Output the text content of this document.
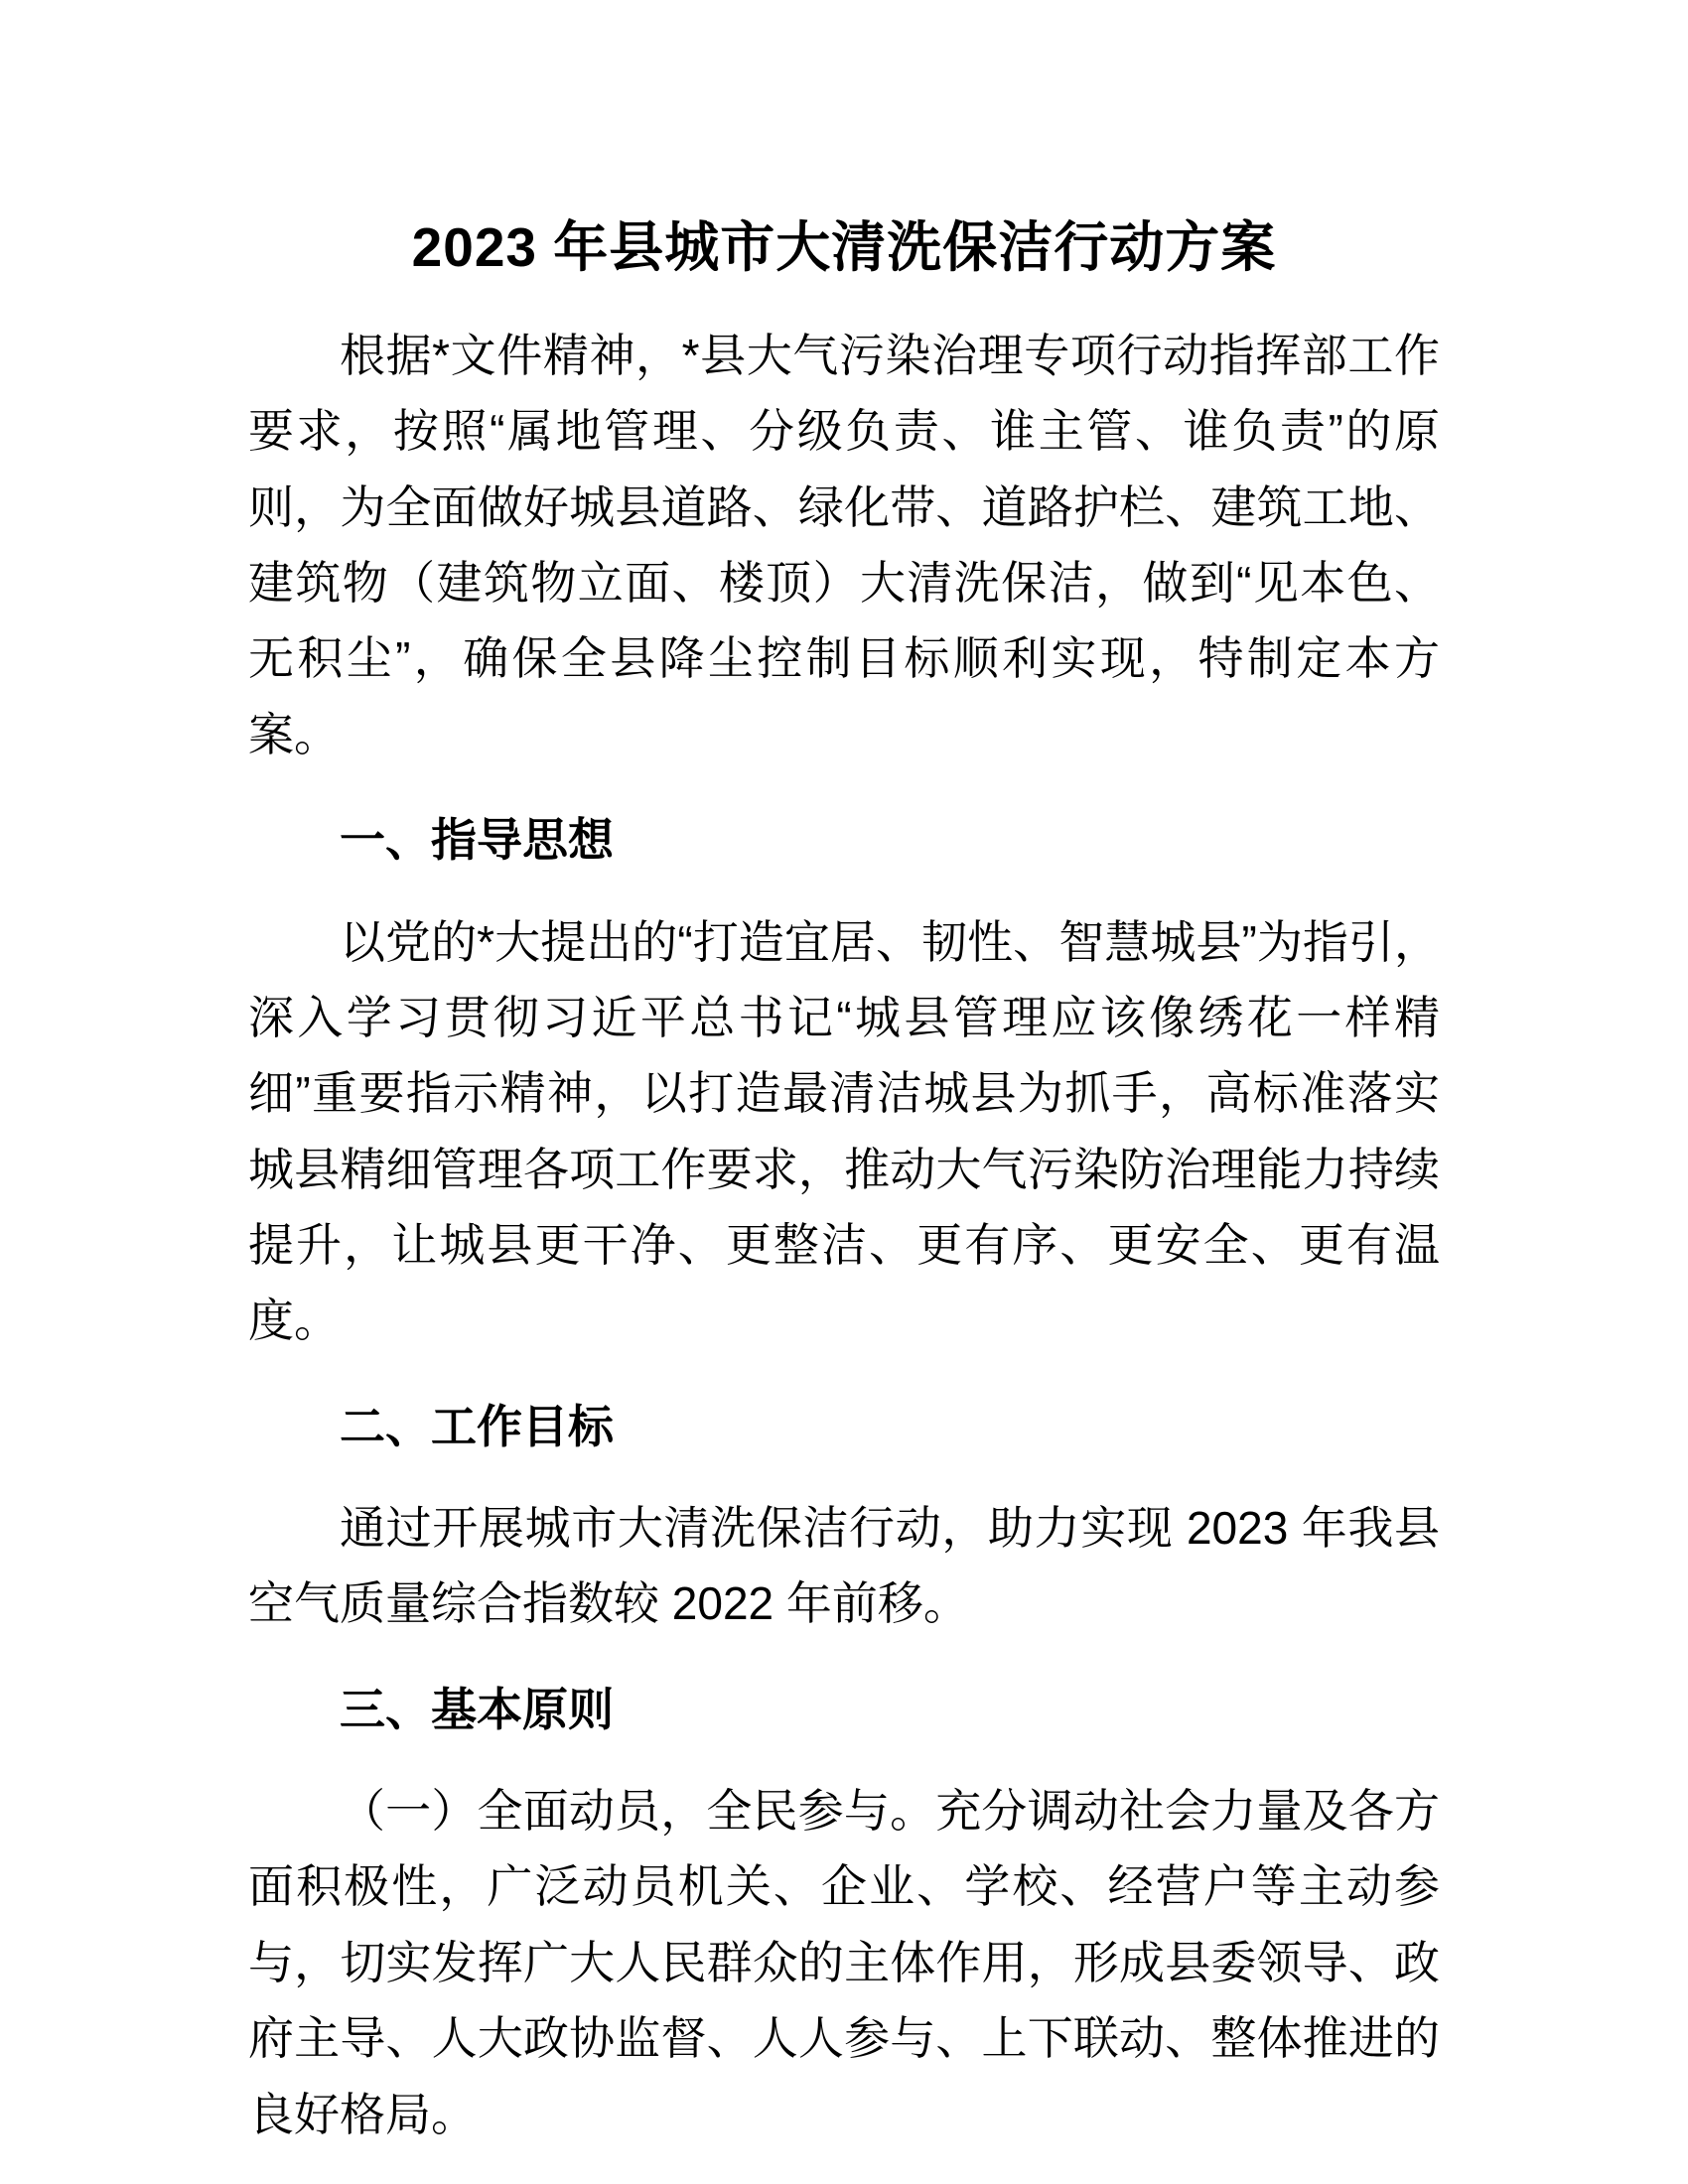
2023 年县城市大清洗保洁行动方案

根据*文件精神，*县大气污染治理专项行动指挥部工作要求，按照“属地管理、分级负责、谁主管、谁负责”的原则，为全面做好城县道路、绿化带、道路护栏、建筑工地、建筑物（建筑物立面、楼顶）大清洗保洁，做到“见本色、无积尘”，确保全县降尘控制目标顺利实现，特制定本方案。

一、指导思想

以党的*大提出的“打造宜居、韧性、智慧城县”为指引，深入学习贯彻习近平总书记“城县管理应该像绣花一样精细”重要指示精神，以打造最清洁城县为抓手，高标准落实城县精细管理各项工作要求，推动大气污染防治理能力持续提升，让城县更干净、更整洁、更有序、更安全、更有温度。

二、工作目标

通过开展城市大清洗保洁行动，助力实现 2023 年我县空气质量综合指数较 2022 年前移。

三、基本原则

（一）全面动员，全民参与。充分调动社会力量及各方面积极性，广泛动员机关、企业、学校、经营户等主动参与，切实发挥广大人民群众的主体作用，形成县委领导、政府主导、人大政协监督、人人参与、上下联动、整体推进的良好格局。
